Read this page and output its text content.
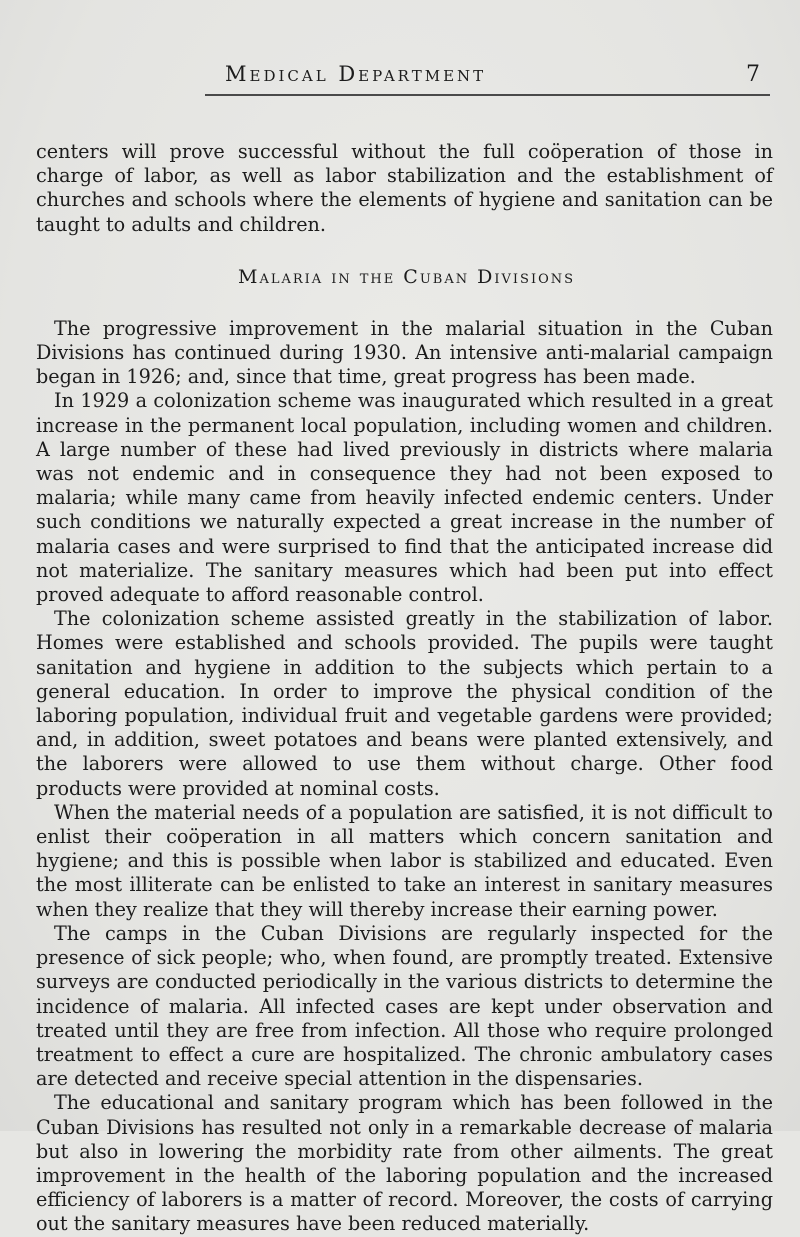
Medical Department	7

centers will prove successful without the full coöperation of those in charge of labor, as well as labor stabilization and the establishment of churches and schools where the elements of hygiene and sanitation can be taught to adults and children.

Malaria in the Cuban Divisions

The progressive improvement in the malarial situation in the Cuban Divisions has continued during 1930. An intensive anti-malarial campaign began in 1926; and, since that time, great progress has been made.

In 1929 a colonization scheme was inaugurated which resulted in a great increase in the permanent local population, including women and children. A large number of these had lived previously in districts where malaria was not endemic and in consequence they had not been exposed to malaria; while many came from heavily infected endemic centers. Under such conditions we naturally expected a great increase in the number of malaria cases and were surprised to find that the anticipated increase did not materialize. The sanitary measures which had been put into effect proved adequate to afford reasonable control.

The colonization scheme assisted greatly in the stabilization of labor. Homes were established and schools provided. The pupils were taught sanitation and hygiene in addition to the subjects which pertain to a general education. In order to improve the physical condition of the laboring population, individual fruit and vegetable gardens were provided; and, in addition, sweet potatoes and beans were planted extensively, and the laborers were allowed to use them without charge. Other food products were provided at nominal costs.

When the material needs of a population are satisfied, it is not difficult to enlist their coöperation in all matters which concern sanitation and hygiene; and this is possible when labor is stabilized and educated. Even the most illiterate can be enlisted to take an interest in sanitary measures when they realize that they will thereby increase their earning power.

The camps in the Cuban Divisions are regularly inspected for the presence of sick people; who, when found, are promptly treated. Extensive surveys are conducted periodically in the various districts to determine the incidence of malaria. All infected cases are kept under observation and treated until they are free from infection. All those who require prolonged treatment to effect a cure are hospitalized. The chronic ambulatory cases are detected and receive special attention in the dispensaries.

The educational and sanitary program which has been followed in the Cuban Divisions has resulted not only in a remarkable decrease of malaria but also in lowering the morbidity rate from other ailments. The great improvement in the health of the laboring population and the increased efficiency of laborers is a matter of record. Moreover, the costs of carrying out the sanitary measures have been reduced materially.
